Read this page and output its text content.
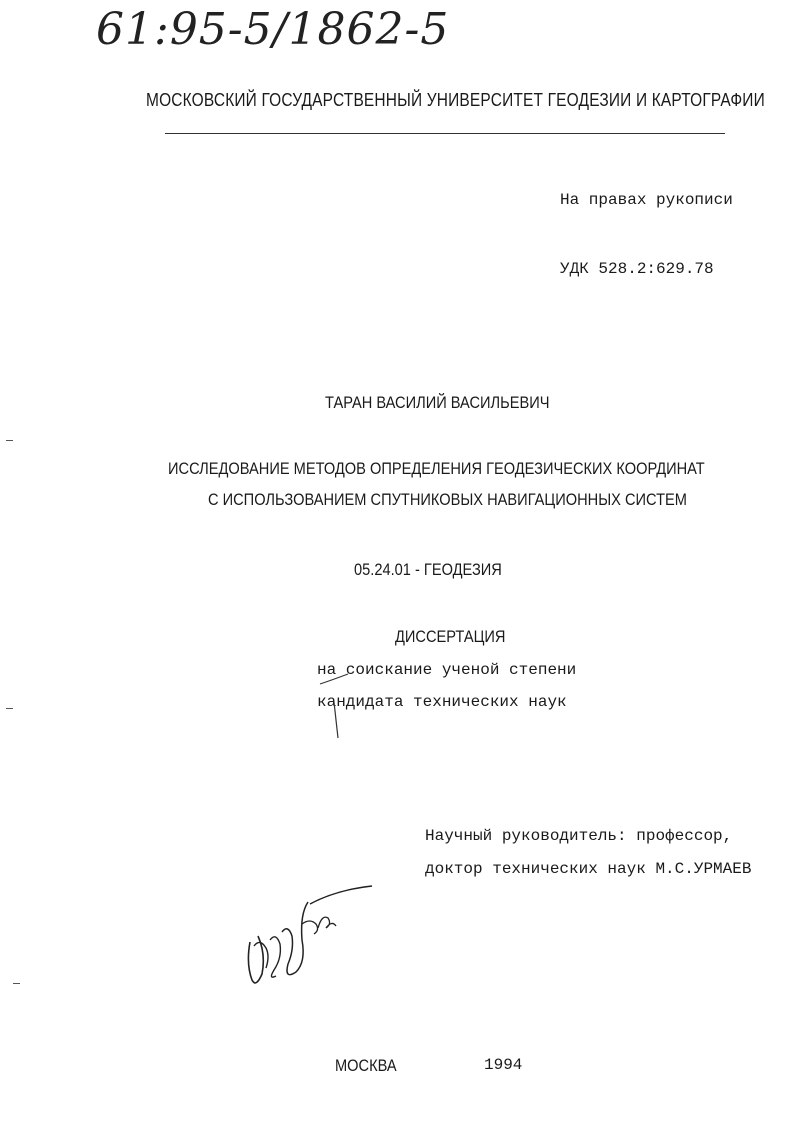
61:95-5/1862-5
МОСКОВСКИЙ ГОСУДАРСТВЕННЫЙ УНИВЕРСИТЕТ ГЕОДЕЗИИ И КАРТОГРАФИИ
На правах рукописи
УДК 528.2:629.78
ТАРАН ВАСИЛИЙ ВАСИЛЬЕВИЧ
ИССЛЕДОВАНИЕ МЕТОДОВ ОПРЕДЕЛЕНИЯ ГЕОДЕЗИЧЕСКИХ КООРДИНАТ
С ИСПОЛЬЗОВАНИЕМ СПУТНИКОВЫХ НАВИГАЦИОННЫХ СИСТЕМ
05.24.01 - ГЕОДЕЗИЯ
ДИССЕРТАЦИЯ
на соискание ученой степени
кандидата технических наук
Научный руководитель: профессор,
доктор технических наук М.С.УРМАЕВ
МОСКВА	1994
